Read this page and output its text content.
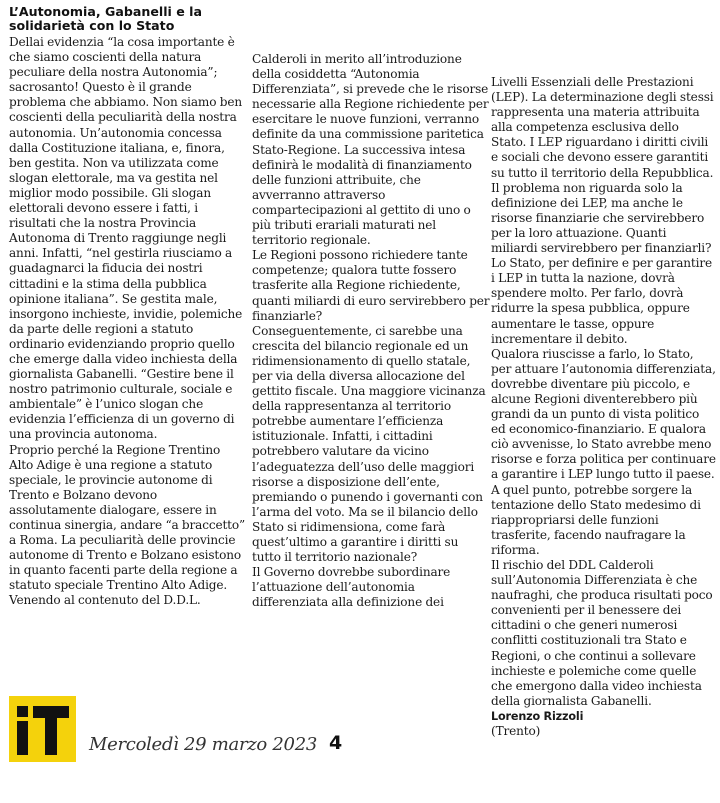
L’Autonomia, Gabanelli e la solidarietà con lo Stato

Dellai evidenzia “la cosa importante è che siamo coscienti della natura peculiare della nostra Autonomia”; sacrosanto! Questo è il grande problema che abbiamo. Non siamo ben coscienti della peculiarità della nostra autonomia. Un’autonomia concessa dalla Costituzione italiana, e, finora, ben gestita. Non va utilizzata come slogan elettorale, ma va gestita nel miglior modo possibile. Gli slogan elettorali devono essere i fatti, i risultati che la nostra Provincia Autonoma di Trento raggiunge negli anni. Infatti, “nel gestirla riusciamo a guadagnarci la fiducia dei nostri cittadini e la stima della pubblica opinione italiana”. Se gestita male, insorgono inchieste, invidie, polemiche da parte delle regioni a statuto ordinario evidenziando proprio quello che emerge dalla video inchiesta della giornalista Gabanelli. “Gestire bene il nostro patrimonio culturale, sociale e ambientale” è l’unico slogan che evidenzia l’efficienza di un governo di una provincia autonoma.

Proprio perché la Regione Trentino Alto Adige è una regione a statuto speciale, le provincie autonome di Trento e Bolzano devono assolutamente dialogare, essere in continua sinergia, andare “a braccetto” a Roma. La peculiarità delle provincie autonome di Trento e Bolzano esistono in quanto facenti parte della regione a statuto speciale Trentino Alto Adige.

Venendo al contenuto del D.D.L.

Calderoli in merito all’introduzione della cosiddetta “Autonomia Differenziata”, si prevede che le risorse necessarie alla Regione richiedente per esercitare le nuove funzioni, verranno definite da una commissione paritetica Stato-Regione. La successiva intesa definirà le modalità di finanziamento delle funzioni attribuite, che avverranno attraverso compartecipazioni al gettito di uno o più tributi erariali maturati nel territorio regionale.

Le Regioni possono richiedere tante competenze; qualora tutte fossero trasferite alla Regione richiedente, quanti miliardi di euro servirebbero per finanziarle?

Conseguentemente, ci sarebbe una crescita del bilancio regionale ed un ridimensionamento di quello statale, per via della diversa allocazione del gettito fiscale. Una maggiore vicinanza della rappresentanza al territorio potrebbe aumentare l’efficienza istituzionale. Infatti, i cittadini potrebbero valutare da vicino l’adeguatezza dell’uso delle maggiori risorse a disposizione dell’ente, premiando o punendo i governanti con l’arma del voto. Ma se il bilancio dello Stato si ridimensiona, come farà quest’ultimo a garantire i diritti su tutto il territorio nazionale?

Il Governo dovrebbe subordinare l’attuazione dell’autonomia differenziata alla definizione dei

Livelli Essenziali delle Prestazioni (LEP). La determinazione degli stessi rappresenta una materia attribuita alla competenza esclusiva dello Stato. I LEP riguardano i diritti civili e sociali che devono essere garantiti su tutto il territorio della Repubblica.

Il problema non riguarda solo la definizione dei LEP, ma anche le risorse finanziarie che servirebbero per la loro attuazione. Quanti miliardi servirebbero per finanziarli?

Lo Stato, per definire e per garantire i LEP in tutta la nazione, dovrà spendere molto. Per farlo, dovrà ridurre la spesa pubblica, oppure aumentare le tasse, oppure incrementare il debito.

Qualora riuscisse a farlo, lo Stato, per attuare l’autonomia differenziata, dovrebbe diventare più piccolo, e alcune Regioni diventerebbero più grandi da un punto di vista politico ed economico-finanziario. E qualora ciò avvenisse, lo Stato avrebbe meno risorse e forza politica per continuare a garantire i LEP lungo tutto il paese. A quel punto, potrebbe sorgere la tentazione dello Stato medesimo di riappropriarsi delle funzioni trasferite, facendo naufragare la riforma.

Il rischio del DDL Calderoli sull’Autonomia Differenziata è che naufraghi, che produca risultati poco convenienti per il benessere dei cittadini o che generi numerosi conflitti costituzionali tra Stato e Regioni, o che continui a sollevare inchieste e polemiche come quelle che emergono dalla video inchiesta della giornalista Gabanelli.

Lorenzo Rizzoli

(Trento)

Mercoledì 29 marzo 2023 4
